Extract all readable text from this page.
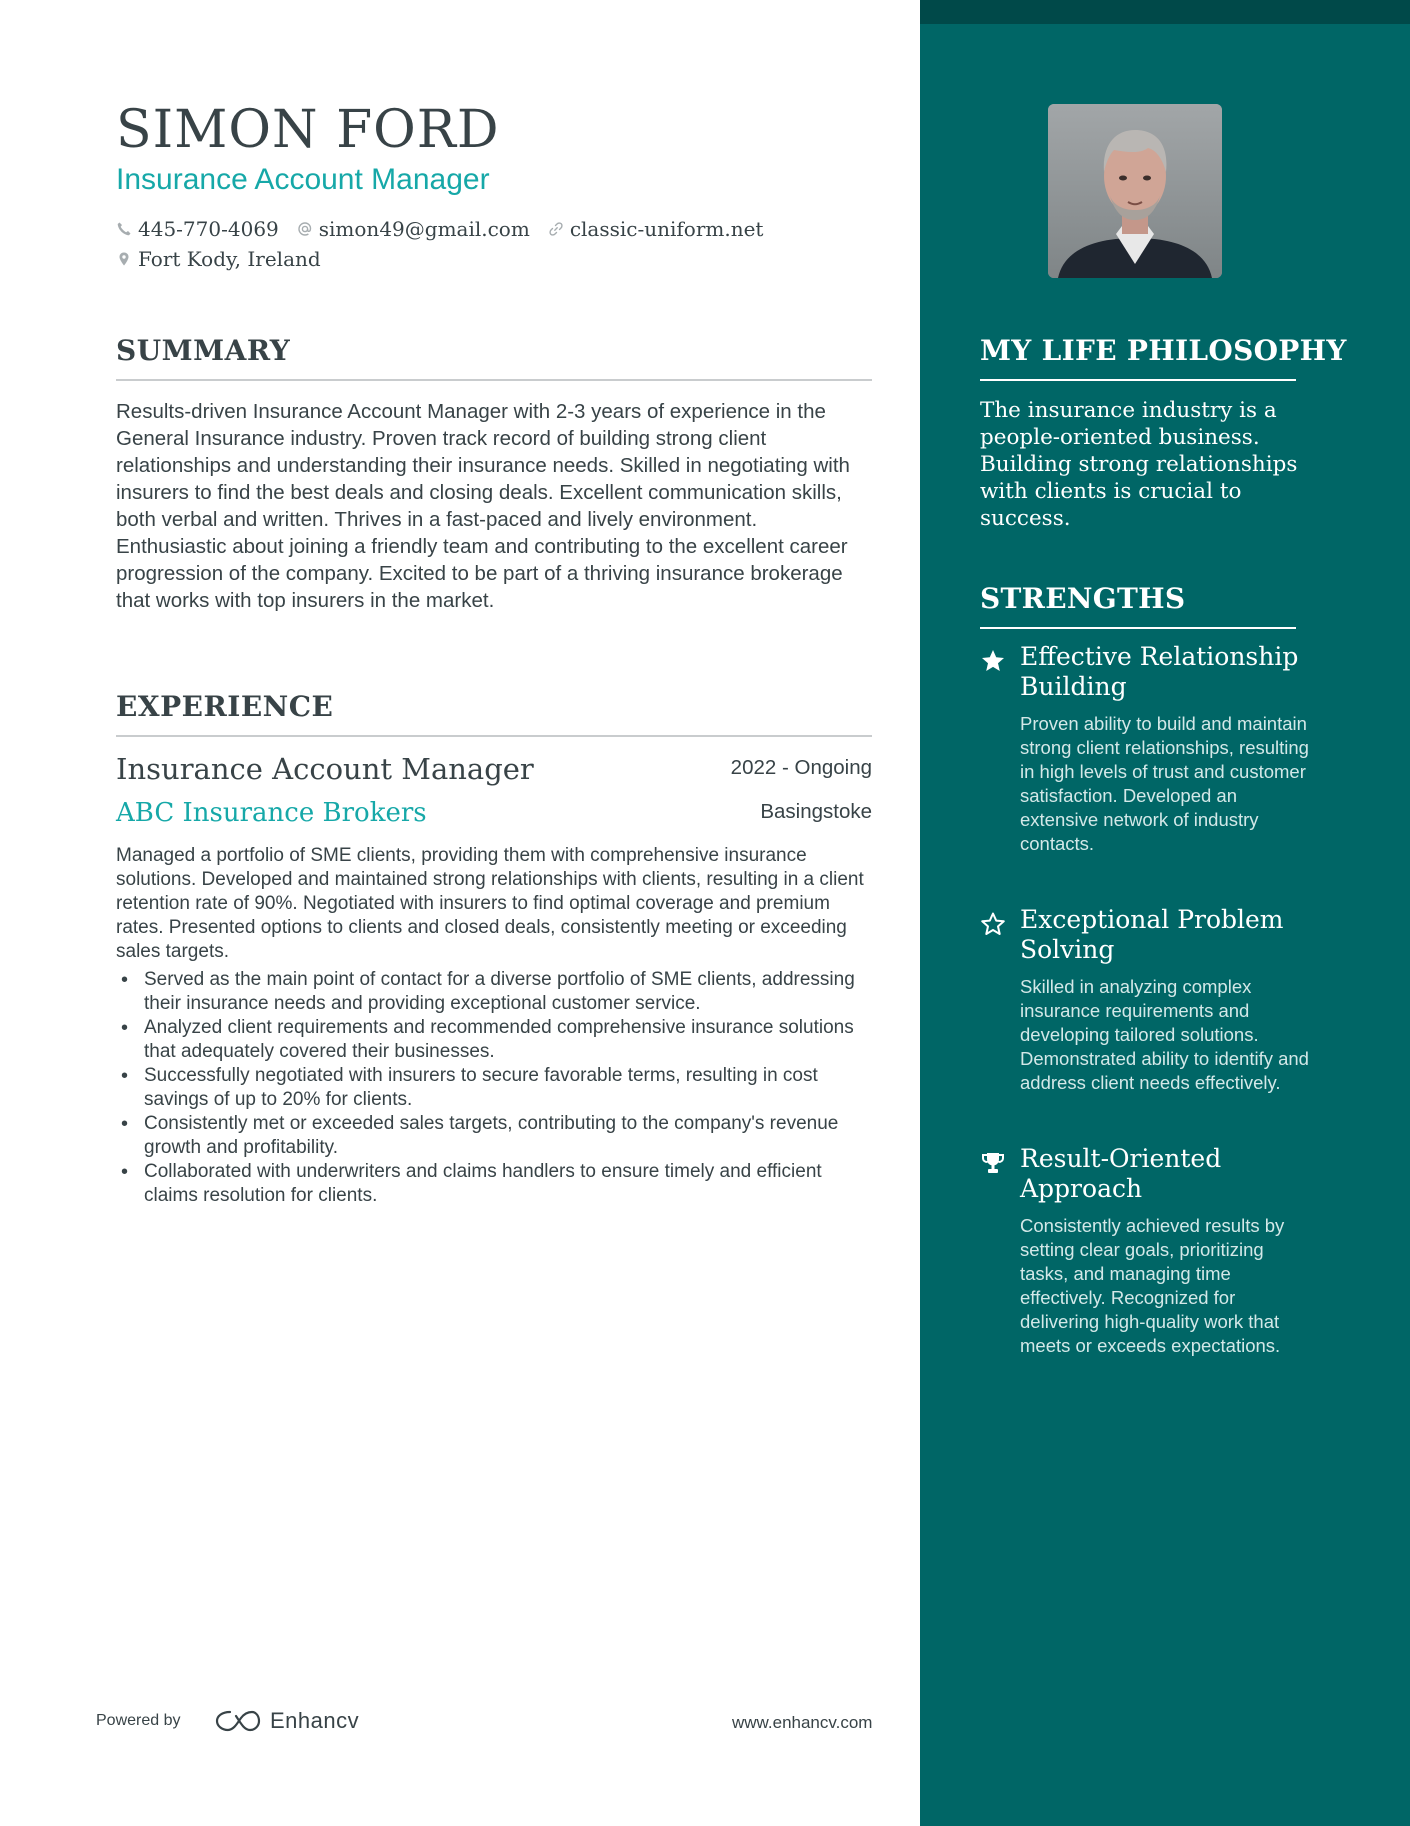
SIMON FORD
Insurance Account Manager
445-770-4069 simon49@gmail.com classic-uniform.net
Fort Kody, Ireland
SUMMARY

Results-driven Insurance Account Manager with 2-3 years of experience in the General Insurance industry. Proven track record of building strong client relationships and understanding their insurance needs. Skilled in negotiating with insurers to find the best deals and closing deals. Excellent communication skills, both verbal and written. Thrives in a fast-paced and lively environment. Enthusiastic about joining a friendly team and contributing to the excellent career progression of the company. Excited to be part of a thriving insurance brokerage that works with top insurers in the market.

EXPERIENCE
Insurance Account Manager	2022 - Ongoing
ABC Insurance Brokers	Basingstoke

Managed a portfolio of SME clients, providing them with comprehensive insurance solutions. Developed and maintained strong relationships with clients, resulting in a client retention rate of 90%. Negotiated with insurers to find optimal coverage and premium rates. Presented options to clients and closed deals, consistently meeting or exceeding sales targets.

• Served as the main point of contact for a diverse portfolio of SME clients, addressing their insurance needs and providing exceptional customer service.
• Analyzed client requirements and recommended comprehensive insurance solutions that adequately covered their businesses.
• Successfully negotiated with insurers to secure favorable terms, resulting in cost savings of up to 20% for clients.
• Consistently met or exceeded sales targets, contributing to the company's revenue growth and profitability.
• Collaborated with underwriters and claims handlers to ensure timely and efficient claims resolution for clients.
Powered by	Enhancv	www.enhancv.com
MY LIFE PHILOSOPHY

The insurance industry is a people-oriented business. Building strong relationships with clients is crucial to success.

STRENGTHS
Effective Relationship Building
Proven ability to build and maintain strong client relationships, resulting in high levels of trust and customer satisfaction. Developed an extensive network of industry contacts.
Exceptional Problem Solving
Skilled in analyzing complex insurance requirements and developing tailored solutions. Demonstrated ability to identify and address client needs effectively.
Result-Oriented Approach
Consistently achieved results by setting clear goals, prioritizing tasks, and managing time effectively. Recognized for delivering high-quality work that meets or exceeds expectations.
